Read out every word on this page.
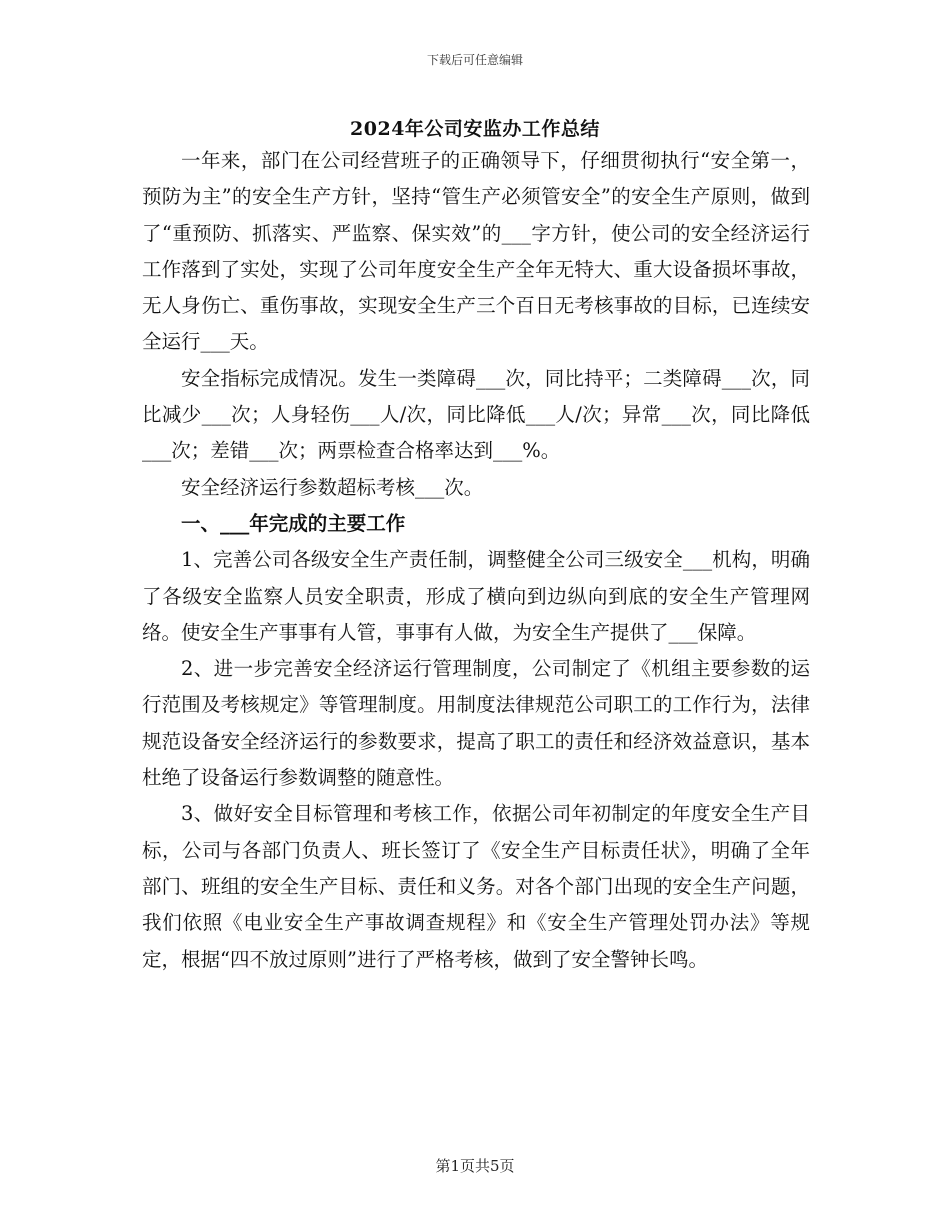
下载后可任意编辑
2024年公司安监办工作总结

一年来，部门在公司经营班子的正确领导下，仔细贯彻执行“安全第一，预防为主”的安全生产方针，坚持“管生产必须管安全”的安全生产原则，做到了“重预防、抓落实、严监察、保实效”的___字方针，使公司的安全经济运行工作落到了实处，实现了公司年度安全生产全年无特大、重大设备损坏事故，无人身伤亡、重伤事故，实现安全生产三个百日无考核事故的目标，已连续安全运行___天。

安全指标完成情况。发生一类障碍___次，同比持平；二类障碍___次，同比减少___次；人身轻伤___人/次，同比降低___人/次；异常___次，同比降低___次；差错___次；两票检查合格率达到___%。

安全经济运行参数超标考核___次。

一、___年完成的主要工作

1、完善公司各级安全生产责任制，调整健全公司三级安全___机构，明确了各级安全监察人员安全职责，形成了横向到边纵向到底的安全生产管理网络。使安全生产事事有人管，事事有人做，为安全生产提供了___保障。

2、进一步完善安全经济运行管理制度，公司制定了《机组主要参数的运行范围及考核规定》等管理制度。用制度法律规范公司职工的工作行为，法律规范设备安全经济运行的参数要求，提高了职工的责任和经济效益意识，基本杜绝了设备运行参数调整的随意性。

3、做好安全目标管理和考核工作，依据公司年初制定的年度安全生产目标，公司与各部门负责人、班长签订了《安全生产目标责任状》，明确了全年部门、班组的安全生产目标、责任和义务。对各个部门出现的安全生产问题，我们依照《电业安全生产事故调查规程》和《安全生产管理处罚办法》等规定，根据“四不放过原则”进行了严格考核，做到了安全警钟长鸣。

第1页共5页
